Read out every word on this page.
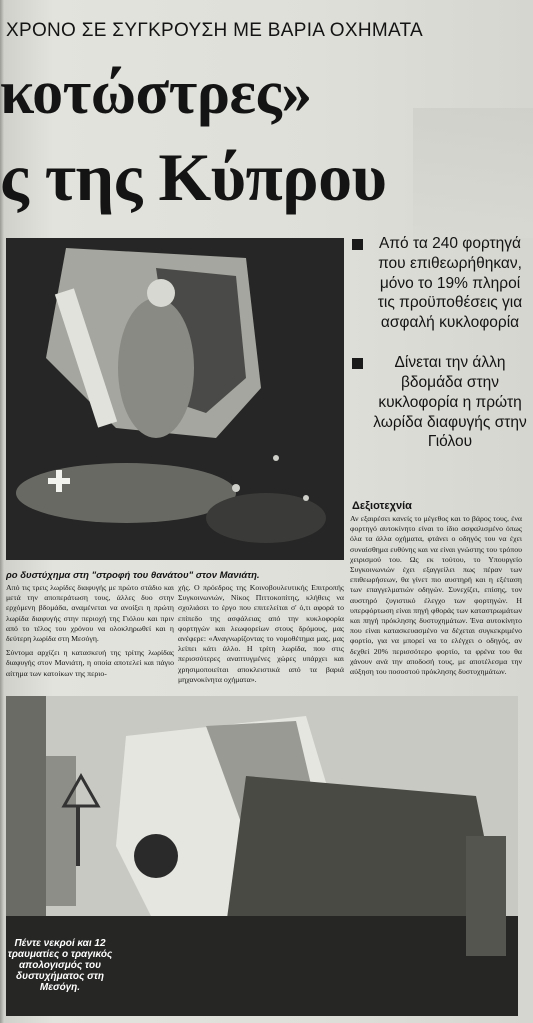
ΧΡΟΝΟ ΣΕ ΣΥΓΚΡΟΥΣΗ ΜΕ ΒΑΡΙΑ ΟΧΗΜΑΤΑ
κοτώστρες»
ς της Κύπρου
Από τα 240 φορτηγά που επιθεωρήθηκαν, μόνο το 19% πληροί τις προϋποθέσεις για ασφαλή κυκλοφορία
Δίνεται την άλλη βδομάδα στην κυκλοφορία η πρώτη λωρίδα διαφυγής στην Γιόλου
Δεξιοτεχνία

Αν εξαιρέσει κανείς το μέγεθος και το βάρος τους, ένα φορτηγό αυτοκίνητο είναι το ίδιο ασφαλισμένο όπως όλα τα άλλα οχήματα, φτάνει ο οδηγός του να έχει συναίσθημα ευθύνης και να είναι γνώστης του τρόπου χειρισμού του. Ως εκ τούτου, το Υπουργείο Συγκοινωνιών έχει εξαγγείλει πως πέραν των επιθεωρήσεων, θα γίνετ πιο αυστηρή και η εξέταση των επαγγελματιών οδηγών. Συνεχίζει, επίσης, τον αυστηρό ζυγιστικό έλεγχο των φορτηγών. Η υπερφόρτωση είναι πηγή φθοράς των καταστρωμάτων και πηγή πρόκλησης δυστυχημάτων. Ένα αυτοκίνητο που είναι κατασκευασμένο να δέχεται συγκεκριμένο φορτίο, για να μπορεί να το ελέγχει ο οδηγός, αν δεχθεί 20% περισσότερο φορτίο, τα φρένα του θα χάνουν ανά την αποδοσή τους, με αποτέλεσμα την αύξηση του ποσοστού πρόκλησης δυστυχημάτων.

ρο δυστύχημα στη "στροφή του θανάτου" στον Μανιάτη.

Από τις τρεις λωρίδες διαφυγής με πρώτο στάδιο και μετά την αποπεράτωση τους, άλλες δυο στην ερχόμενη βδομάδα, αναμένεται να ανοίξει η πρώτη λωρίδα διαφυγής στην περιοχή της Γιόλου και πριν από το τέλος του χρόνου να ολοκληρωθεί και η δεύτερη λωρίδα στη Μεσόγη.

Σύντομα αρχίζει η κατασκευή της τρίτης λωρίδας διαφυγής στον Μανιάτη, η οποία αποτελεί και πάγιο αίτημα των κατοίκων της περιο-

χής. Ο πρόεδρος της Κοινοβουλευτικής Επιτροπής Συγκοινωνιών, Νίκος Πιττοκοπίτης, κλήθεις να σχολιάσει το έργο που επιτελείται σ' ό,τι αφορά το επίπεδο της ασφάλειας από την κυκλοφορία φορτηγών και λεωφορείων στους δρόμους, μας ανέφερε: «Αναγνωρίζοντας το νομοθέτημα μας, μας λείπει κάτι άλλο. Η τρίτη λωρίδα, που στις περισσότερες αναπτυγμένες χώρες υπάρχει και χρησιμοποιείται αποκλειστικά από τα βαριά μηχανοκίνητα οχήματα».

Πέντε νεκροί και 12 τραυματίες ο τραγικός απολογισμός του δυστυχήματος στη Μεσόγη.
